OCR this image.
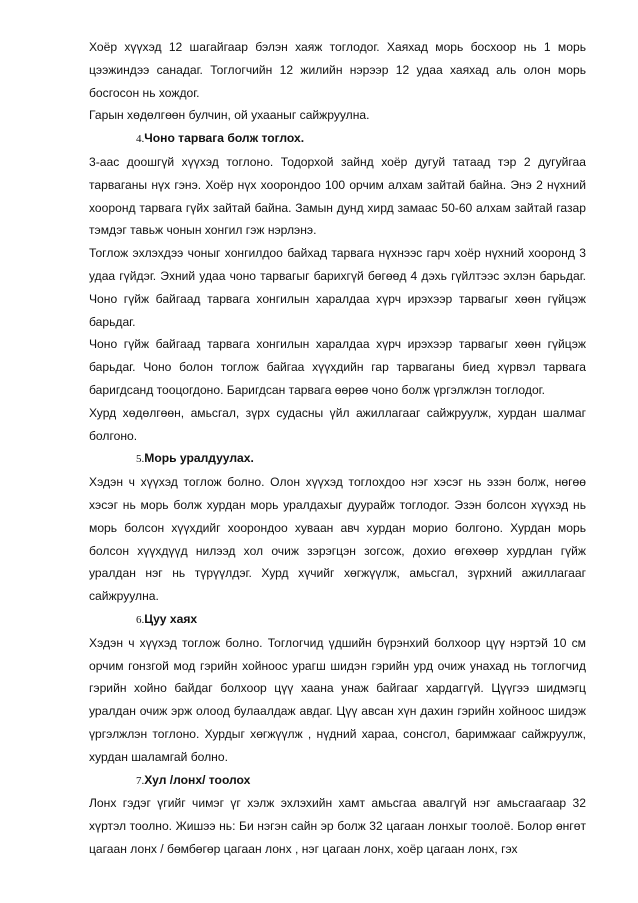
Хоёр хүүхэд 12 шагайгаар бэлэн хаяж тоглодог. Хаяхад морь босхоор нь 1 морь цээжиндээ санадаг. Тоглогчийн 12 жилийн нэрээр 12 удаа хаяхад аль олон морь босгосон нь хождог.

Гарын хөдөлгөөн булчин, ой ухааныг сайжруулна.

4.Чоно тарвага болж тоглох.

3-аас доошгүй хүүхэд тоглоно. Тодорхой зайнд хоёр дугуй татаад тэр 2 дугуйгаа тарваганы нүх гэнэ. Хоёр нүх хоорондоо 100 орчим алхам зайтай байна. Энэ 2 нүхний хооронд тарвага гүйх зайтай байна. Замын дунд хирд замаас 50-60 алхам зайтай газар тэмдэг тавьж чонын хонгил гэж нэрлэнэ.

Тоглож эхлэхдээ чоныг хонгилдоо байхад тарвага нүхнээс гарч хоёр нүхний хооронд 3 удаа гүйдэг. Эхний удаа чоно тарвагыг барихгүй бөгөөд 4 дэхь гүйлтээс эхлэн барьдаг. Чоно гүйж байгаад тарвага хонгилын хаpалдаа хүрч ирэхээр тарвагыг хөөн гүйцэж барьдаг.

Чоно гүйж байгаад тарвага хонгилын харалдаа хүрч ирэхээр тарвагыг хөөн гүйцэж барьдаг. Чоно болон тоглож байгаа хүүхдийн гар тарваганы биед хүрвэл тарвага баригдсанд тооцогдоно. Баригдсан тарвага өөрөө чоно болж үргэлжлэн тоглодог.

Хурд хөдөлгөөн, амьсгал, зүрх судасны үйл ажиллагааг сайжруулж, хурдан шалмаг болгоно.

5.Морь уралдуулах.

Хэдэн ч хүүхэд тоглож болно. Олон хүүхэд тоглохдоо нэг хэсэг нь эзэн болж, нөгөө хэсэг нь морь болж хурдан морь уралдахыг дууpайж тоглодог. Эзэн болсон хүүхэд нь морь болсон хүүхдийг хоорондоо хуваан авч хурдан морио болгоно. Хурдан морь болсон хүүхдүүд нилээд хол очиж зэрэгцэн зогсож, дохио өгөхөөр хурдлан гүйж уралдан нэг нь түрүүлдэг. Хурд хүчийг хөгжүүлж, амьсгал, зүрхний ажиллагааг сайжруулна.

6.Цуу хаях

Хэдэн ч хүүхэд тоглож болно. Тоглогчид үдшийн бүрэнхий болхоор цүү нэртэй 10 см орчим гонзгой мод гэрийн хойноос урагш шидэн гэрийн урд очиж унахад нь тоглогчид гэрийн хойно байдаг болхоор цүү хаана унаж байгааг хардаггүй. Цүүгээ шидмэгц уралдан очиж эрж олоод булаалдаж авдаг. Цүү авсан хүн дахин гэрийн хойноос шидэж үргэлжлэн тоглоно. Хурдыг хөгжүүлж , нүдний хараа, сонсгол, баримжааг сайжруулж, хурдан шаламгай болно.

7.Хул /лонх/ тоолох

Лонх гэдэг үгийг чимэг үг хэлж эхлэхийн хамт амьсгаа авалгүй нэг амьсгаагаар 32 хүртэл тоолно. Жишээ нь: Би нэгэн сайн эр болж 32 цагаан лонхыг тоолоё. Болор өнгөт цагаан лонх / бөмбөгөр цагаан лонх , нэг цагаан лонх, хоёр цагаан лонх, гэх
